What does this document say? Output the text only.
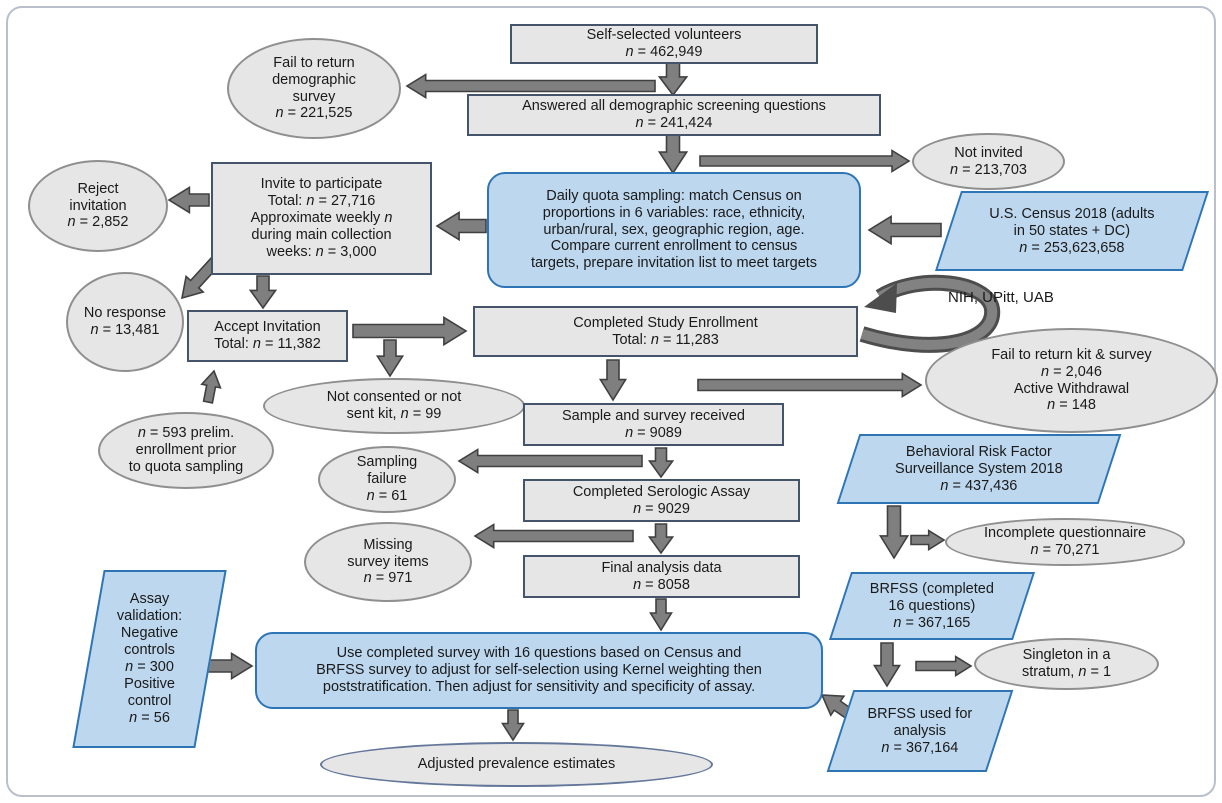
Self-selected volunteers
n = 462,949
Fail to return
demographic
survey
n = 221,525	Answered all demographic screening questions
n = 241,424
Not invited
n = 213,703
Daily quota sampling: match Census on
proportions in 6 variables: race, ethnicity,
urban/rural, sex, geographic region, age.
Compare current enrollment to census
targets, prepare invitation list to meet targets
U.S. Census 2018 (adults
in 50 states + DC)
n = 253,623,658
Invite to participate
Total: n = 27,716
Approximate weekly n
during main collection
weeks: n = 3,000
Reject
invitation
n = 2,852
No response
n = 13,481	Accept Invitation
Total: n = 11,382
Completed Study Enrollment
Total: n = 11,283
NIH, UPitt, UAB
Fail to return kit & survey
n = 2,046
Active Withdrawal
n = 148
Not consented or not
sent kit, n = 99
n = 593 prelim.
enrollment prior
to quota sampling
Sample and survey received
n = 9089
Sampling
failure
n = 61	Completed Serologic Assay
n = 9029
Behavioral Risk Factor
Surveillance System 2018
n = 437,436
Missing
survey items
n = 971
Final analysis data
n = 8058
Incomplete questionnaire
n = 70,271
BRFSS (completed
16 questions)
n = 367,165
Assay
validation:
Negative
controls
n = 300
Positive
control
n = 56
Use completed survey with 16 questions based on Census and
BRFSS survey to adjust for self-selection using Kernel weighting then
poststratification. Then adjust for sensitivity and specificity of assay.
Singleton in a
stratum, n = 1
BRFSS used for
analysis
n = 367,164
Adjusted prevalence estimates
